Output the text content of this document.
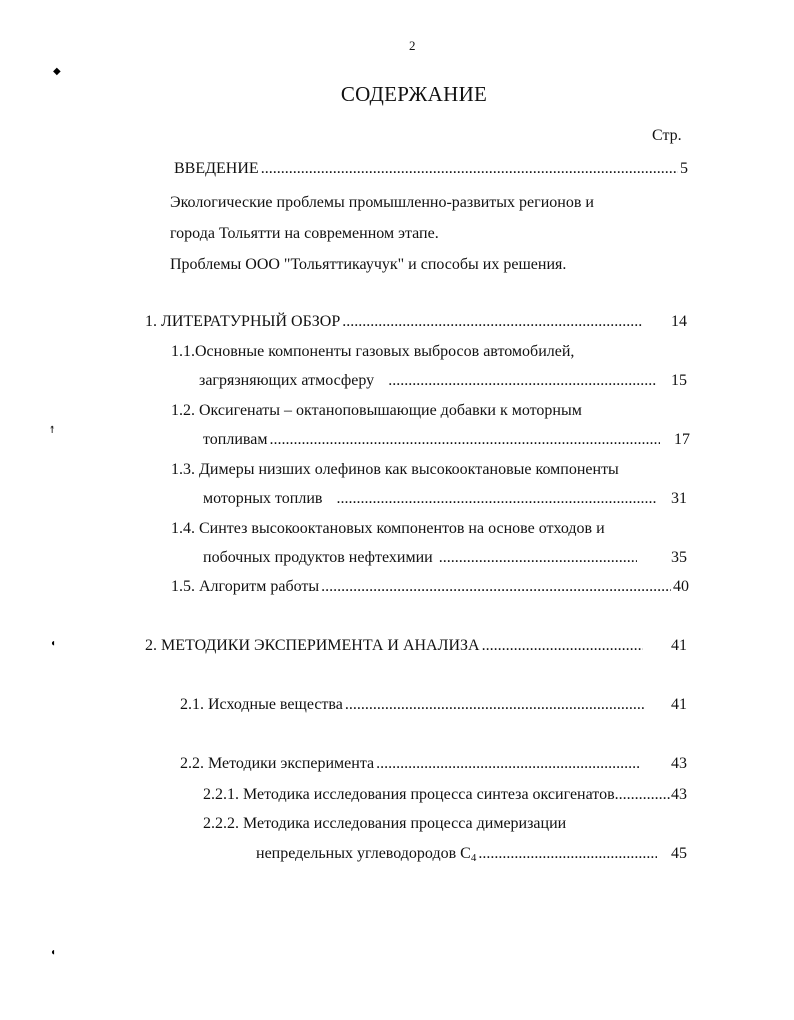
2
СОДЕРЖАНИЕ
Стр.
ВВЕДЕНИЕ .....	5
Экологические проблемы промышленно-развитых регионов и
города Тольятти на современном этапе.
Проблемы ООО "Тольяттикаучук" и способы их решения.
1. ЛИТЕРАТУРНЫЙ ОБЗОР .....	14
1.1.Основные компоненты газовых выбросов автомобилей,
загрязняющих атмосферу .....	15
1.2. Оксигенаты – октаноповышающие добавки к моторным
топливам .....	17
1.3. Димеры низших олефинов как высокооктановые компоненты
моторных топлив .....	31
1.4. Синтез высокооктановых компонентов на основе отходов и
побочных продуктов нефтехимии .....	35
1.5. Алгоритм работы .....	40
2. МЕТОДИКИ ЭКСПЕРИМЕНТА И АНАЛИЗА .....	41
2.1. Исходные вещества .....	41
2.2. Методики эксперимента .....	43
2.2.1. Методика исследования процесса синтеза оксигенатов .....	43
2.2.2. Методика исследования процесса димеризации
непредельных углеводородов $С_4$ .....	45
◆
↟
◖
◖
